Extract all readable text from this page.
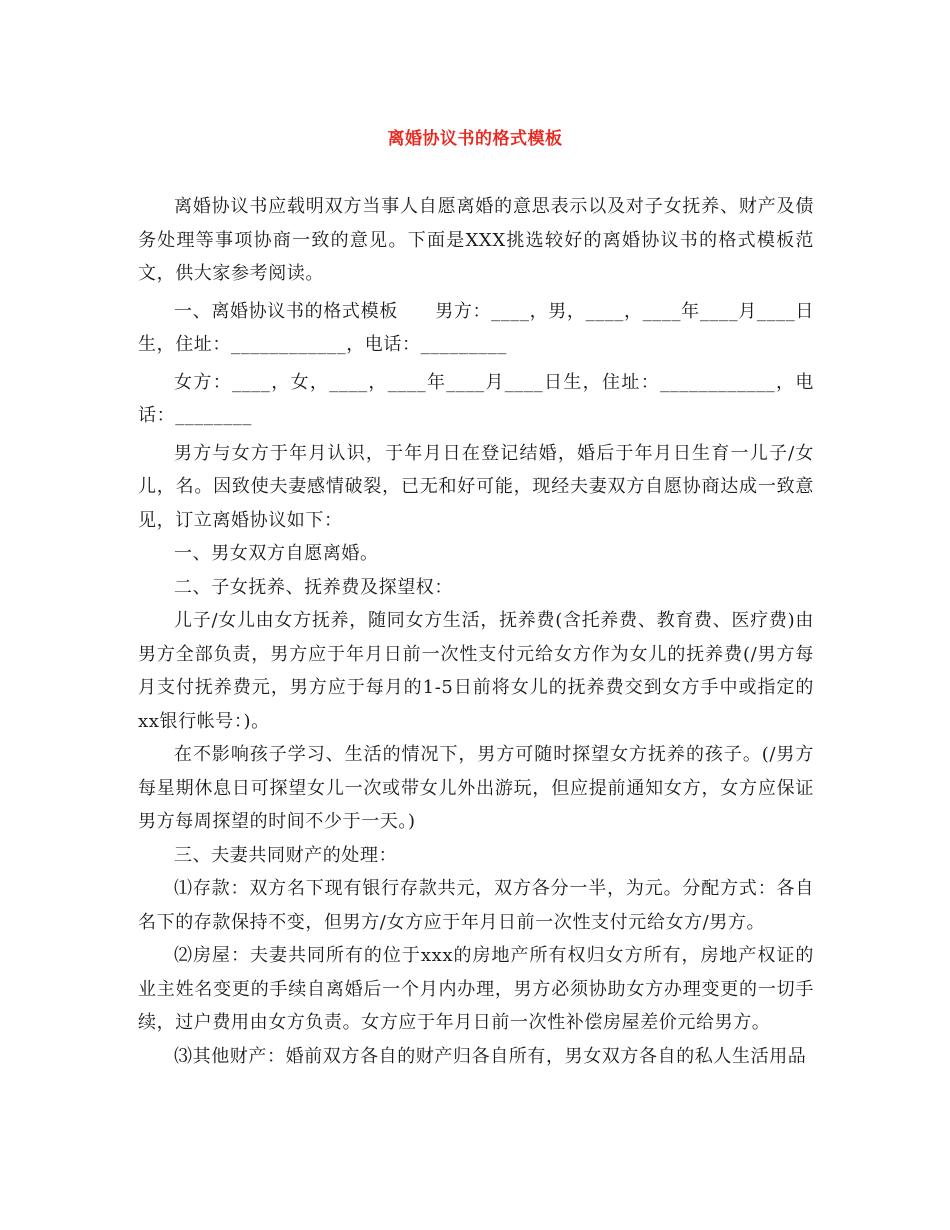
离婚协议书的格式模板

离婚协议书应载明双方当事人自愿离婚的意思表示以及对子女抚养、财产及债务处理等事项协商一致的意见。下面是XXX挑选较好的离婚协议书的格式模板范文，供大家参考阅读。

一、离婚协议书的格式模板　　男方：____，男，____，____年____月____日生，住址：____________，电话：_________

女方：____，女，____，____年____月____日生，住址：____________，电话：________

男方与女方于年月认识，于年月日在登记结婚，婚后于年月日生育一儿子/女儿，名。因致使夫妻感情破裂，已无和好可能，现经夫妻双方自愿协商达成一致意见，订立离婚协议如下：

一、男女双方自愿离婚。

二、子女抚养、抚养费及探望权：

儿子/女儿由女方抚养，随同女方生活，抚养费(含托养费、教育费、医疗费)由男方全部负责，男方应于年月日前一次性支付元给女方作为女儿的抚养费(/男方每月支付抚养费元，男方应于每月的1-5日前将女儿的抚养费交到女方手中或指定的xx银行帐号：)。

在不影响孩子学习、生活的情况下，男方可随时探望女方抚养的孩子。(/男方每星期休息日可探望女儿一次或带女儿外出游玩，但应提前通知女方，女方应保证男方每周探望的时间不少于一天。)

三、夫妻共同财产的处理：

⑴存款：双方名下现有银行存款共元，双方各分一半，为元。分配方式：各自名下的存款保持不变，但男方/女方应于年月日前一次性支付元给女方/男方。

⑵房屋：夫妻共同所有的位于xxx的房地产所有权归女方所有，房地产权证的业主姓名变更的手续自离婚后一个月内办理，男方必须协助女方办理变更的一切手续，过户费用由女方负责。女方应于年月日前一次性补偿房屋差价元给男方。

⑶其他财产：婚前双方各自的财产归各自所有，男女双方各自的私人生活用品
